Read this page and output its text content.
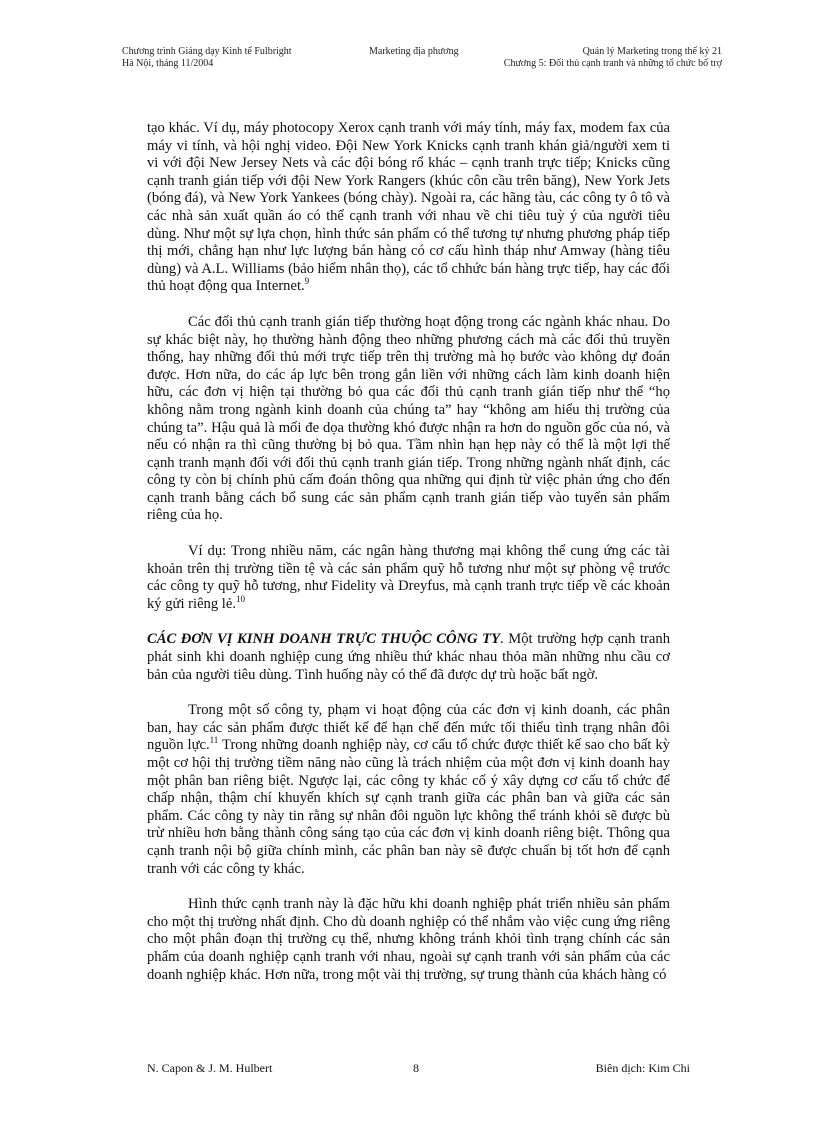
Chương trình Giảng dạy Kinh tế Fulbright
Hà Nội, tháng 11/2004
Marketing địa phương	Quản lý Marketing trong thế kỷ 21
Chương 5: Đối thủ cạnh tranh và những tổ chức bổ trợ

tạo khác. Ví dụ, máy photocopy Xerox cạnh tranh với máy tính, máy fax, modem fax của máy vi tính, và hội nghị video. Đội New York Knicks cạnh tranh khán giả/người xem ti vi với đội New Jersey Nets và các đội bóng rổ khác – cạnh tranh trực tiếp; Knicks cũng cạnh tranh gián tiếp với đội New York Rangers (khúc côn cầu trên băng), New York Jets (bóng đá), và New York Yankees (bóng chày). Ngoài ra, các hãng tàu, các công ty ô tô và các nhà sản xuất quần áo có thể cạnh tranh với nhau về chi tiêu tuỳ ý của người tiêu dùng. Như một sự lựa chọn, hình thức sản phẩm có thể tương tự nhưng phương pháp tiếp thị mới, chẳng hạn như lực lượng bán hàng có cơ cấu hình tháp như Amway (hàng tiêu dùng) và A.L. Williams (bảo hiểm nhân thọ), các tổ chhức bán hàng trực tiếp, hay các đối thủ hoạt động qua Internet.$^9$

Các đối thủ cạnh tranh gián tiếp thường hoạt động trong các ngành khác nhau. Do sự khác biệt này, họ thường hành động theo những phương cách mà các đối thủ truyền thống, hay những đối thủ mới trực tiếp trên thị trường mà họ bước vào không dự đoán được. Hơn nữa, do các áp lực bên trong gắn liền với những cách làm kinh doanh hiện hữu, các đơn vị hiện tại thường bỏ qua các đối thủ cạnh tranh gián tiếp như thể “họ không nằm trong ngành kinh doanh của chúng ta” hay “không am hiểu thị trường của chúng ta”. Hậu quả là mối đe dọa thường khó được nhận ra hơn do nguồn gốc của nó, và nếu có nhận ra thì cũng thường bị bỏ qua. Tầm nhìn hạn hẹp này có thể là một lợi thế cạnh tranh mạnh đối với đối thủ cạnh tranh gián tiếp. Trong những ngành nhất định, các công ty còn bị chính phủ cấm đoán thông qua những qui định từ việc phản ứng cho đến cạnh tranh bằng cách bổ sung các sản phẩm cạnh tranh gián tiếp vào tuyến sản phẩm riêng của họ.

Ví dụ: Trong nhiều năm, các ngân hàng thương mại không thể cung ứng các tài khoản trên thị trường tiền tệ và các sản phẩm quỹ hỗ tương như một sự phòng vệ trước các công ty quỹ hỗ tương, như Fidelity và Dreyfus, mà cạnh tranh trực tiếp về các khoản ký gửi riêng lẻ.$^{10}$

CÁC ĐƠN VỊ KINH DOANH TRỰC THUỘC CÔNG TY. Một trường hợp cạnh tranh phát sinh khi doanh nghiệp cung ứng nhiều thứ khác nhau thỏa mãn những nhu cầu cơ bản của người tiêu dùng. Tình huống này có thể đã được dự trù hoặc bất ngờ.

Trong một số công ty, phạm vi hoạt động của các đơn vị kinh doanh, các phân ban, hay các sản phẩm được thiết kế để hạn chế đến mức tối thiểu tình trạng nhân đôi nguồn lực.$^{11}$ Trong những doanh nghiệp này, cơ cấu tổ chức được thiết kế sao cho bất kỳ một cơ hội thị trường tiềm năng nào cũng là trách nhiệm của một đơn vị kinh doanh hay một phân ban riêng biệt. Ngược lại, các công ty khác cố ý xây dựng cơ cấu tổ chức để chấp nhận, thậm chí khuyến khích sự cạnh tranh giữa các phân ban và giữa các sản phẩm. Các công ty này tin rằng sự nhân đôi nguồn lực không thể tránh khỏi sẽ được bù trừ nhiều hơn bằng thành công sáng tạo của các đơn vị kinh doanh riêng biệt. Thông qua cạnh tranh nội bộ giữa chính mình, các phân ban này sẽ được chuẩn bị tốt hơn để cạnh tranh với các công ty khác.

Hình thức cạnh tranh này là đặc hữu khi doanh nghiệp phát triển nhiều sản phẩm cho một thị trường nhất định. Cho dù doanh nghiệp có thể nhắm vào việc cung ứng riêng cho một phân đoạn thị trường cụ thể, nhưng không tránh khỏi tình trạng chính các sản phẩm của doanh nghiệp cạnh tranh với nhau, ngoài sự cạnh tranh với sản phẩm của các doanh nghiệp khác. Hơn nữa, trong một vài thị trường, sự trung thành của khách hàng có

N. Capon & J. M. Hulbert	8	Biên dịch: Kim Chi
